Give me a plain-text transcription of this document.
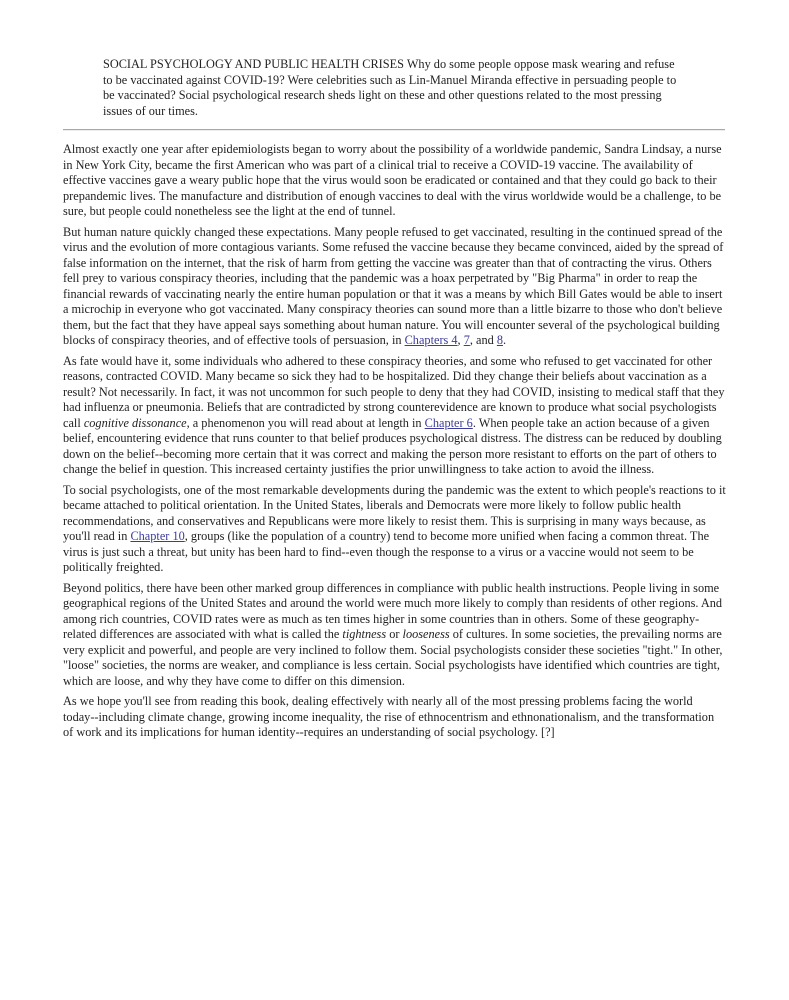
SOCIAL PSYCHOLOGY AND PUBLIC HEALTH CRISES Why do some people oppose mask wearing and refuse to be vaccinated against COVID-19? Were celebrities such as Lin-Manuel Miranda effective in persuading people to be vaccinated? Social psychological research sheds light on these and other questions related to the most pressing issues of our times.

Almost exactly one year after epidemiologists began to worry about the possibility of a worldwide pandemic, Sandra Lindsay, a nurse in New York City, became the first American who was part of a clinical trial to receive a COVID-19 vaccine. The availability of effective vaccines gave a weary public hope that the virus would soon be eradicated or contained and that they could go back to their prepandemic lives. The manufacture and distribution of enough vaccines to deal with the virus worldwide would be a challenge, to be sure, but people could nonetheless see the light at the end of tunnel.

But human nature quickly changed these expectations. Many people refused to get vaccinated, resulting in the continued spread of the virus and the evolution of more contagious variants. Some refused the vaccine because they became convinced, aided by the spread of false information on the internet, that the risk of harm from getting the vaccine was greater than that of contracting the virus. Others fell prey to various conspiracy theories, including that the pandemic was a hoax perpetrated by "Big Pharma" in order to reap the financial rewards of vaccinating nearly the entire human population or that it was a means by which Bill Gates would be able to insert a microchip in everyone who got vaccinated. Many conspiracy theories can sound more than a little bizarre to those who don't believe them, but the fact that they have appeal says something about human nature. You will encounter several of the psychological building blocks of conspiracy theories, and of effective tools of persuasion, in Chapters 4, 7, and 8.

As fate would have it, some individuals who adhered to these conspiracy theories, and some who refused to get vaccinated for other reasons, contracted COVID. Many became so sick they had to be hospitalized. Did they change their beliefs about vaccination as a result? Not necessarily. In fact, it was not uncommon for such people to deny that they had COVID, insisting to medical staff that they had influenza or pneumonia. Beliefs that are contradicted by strong counterevidence are known to produce what social psychologists call cognitive dissonance, a phenomenon you will read about at length in Chapter 6. When people take an action because of a given belief, encountering evidence that runs counter to that belief produces psychological distress. The distress can be reduced by doubling down on the belief--becoming more certain that it was correct and making the person more resistant to efforts on the part of others to change the belief in question. This increased certainty justifies the prior unwillingness to take action to avoid the illness.

To social psychologists, one of the most remarkable developments during the pandemic was the extent to which people's reactions to it became attached to political orientation. In the United States, liberals and Democrats were more likely to follow public health recommendations, and conservatives and Republicans were more likely to resist them. This is surprising in many ways because, as you'll read in Chapter 10, groups (like the population of a country) tend to become more unified when facing a common threat. The virus is just such a threat, but unity has been hard to find--even though the response to a virus or a vaccine would not seem to be politically freighted.

Beyond politics, there have been other marked group differences in compliance with public health instructions. People living in some geographical regions of the United States and around the world were much more likely to comply than residents of other regions. And among rich countries, COVID rates were as much as ten times higher in some countries than in others. Some of these geography-related differences are associated with what is called the tightness or looseness of cultures. In some societies, the prevailing norms are very explicit and powerful, and people are very inclined to follow them. Social psychologists consider these societies "tight." In other, "loose" societies, the norms are weaker, and compliance is less certain. Social psychologists have identified which countries are tight, which are loose, and why they have come to differ on this dimension.

As we hope you'll see from reading this book, dealing effectively with nearly all of the most pressing problems facing the world today--including climate change, growing income inequality, the rise of ethnocentrism and ethnonationalism, and the transformation of work and its implications for human identity--requires an understanding of social psychology. [?]
